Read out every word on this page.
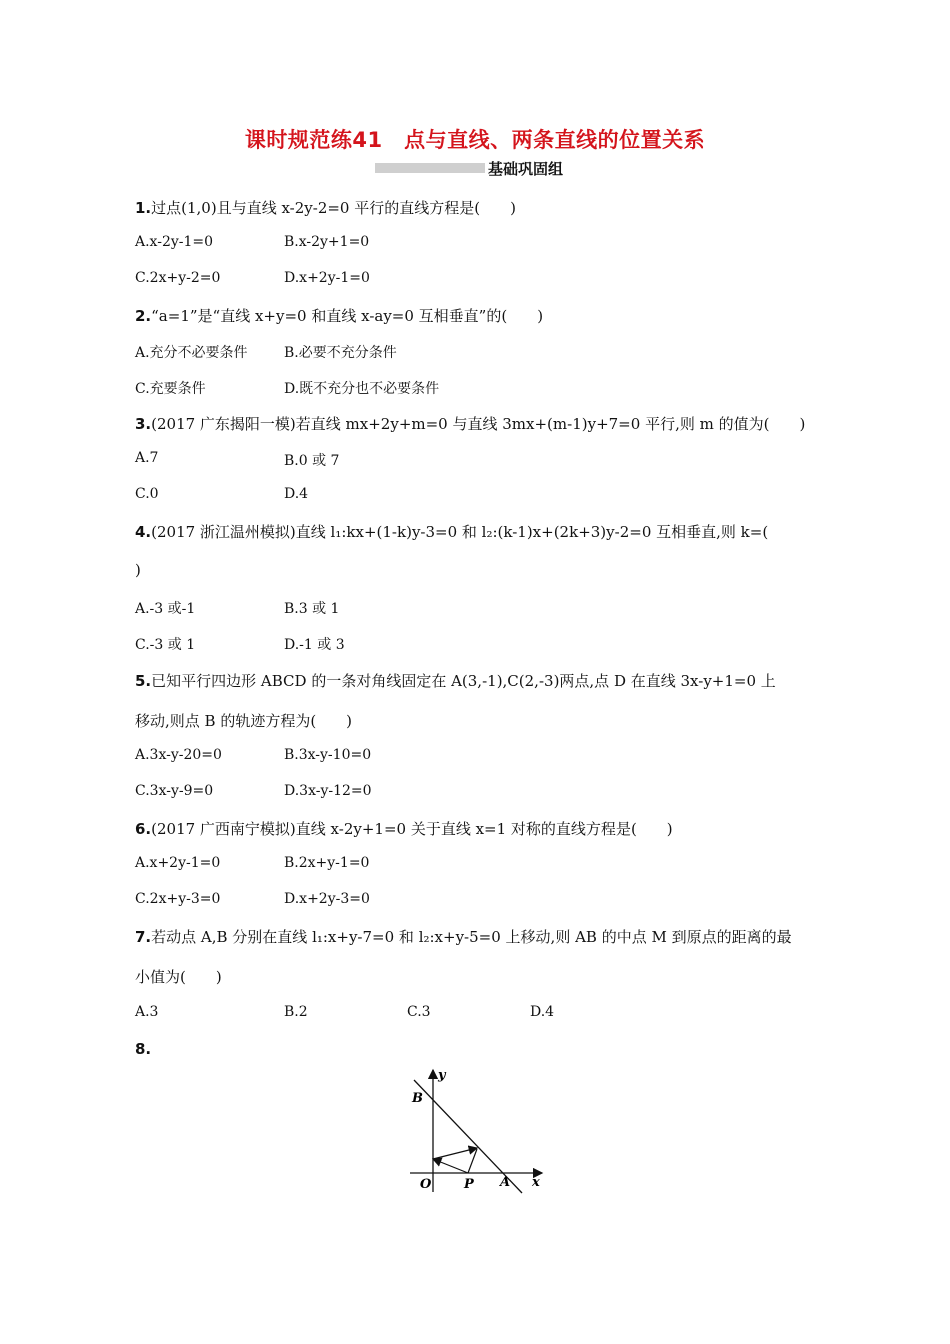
课时规范练41　点与直线、两条直线的位置关系
基础巩固组
1.过点(1,0)且与直线 x-2y-2=0 平行的直线方程是(　　)
A.x-2y-1=0	B.x-2y+1=0
C.2x+y-2=0	D.x+2y-1=0
2.“a=1”是“直线 x+y=0 和直线 x-ay=0 互相垂直”的(　　)
A.充分不必要条件	B.必要不充分条件
C.充要条件	D.既不充分也不必要条件
3.(2017 广东揭阳一模)若直线 mx+2y+m=0 与直线 3mx+(m-1)y+7=0 平行,则 m 的值为(　　)
A.7	B.0 或 7
C.0	D.4
4.(2017 浙江温州模拟)直线 l₁:kx+(1-k)y-3=0 和 l₂:(k-1)x+(2k+3)y-2=0 互相垂直,则 k=(
)
A.-3 或-1	B.3 或 1
C.-3 或 1	D.-1 或 3
5.已知平行四边形 ABCD 的一条对角线固定在 A(3,-1),C(2,-3)两点,点 D 在直线 3x-y+1=0 上
移动,则点 B 的轨迹方程为(　　)
A.3x-y-20=0	B.3x-y-10=0
C.3x-y-9=0	D.3x-y-12=0
6.(2017 广西南宁模拟)直线 x-2y+1=0 关于直线 x=1 对称的直线方程是(　　)
A.x+2y-1=0	B.2x+y-1=0
C.2x+y-3=0	D.x+2y-3=0
7.若动点 A,B 分别在直线 l₁:x+y-7=0 和 l₂:x+y-5=0 上移动,则 AB 的中点 M 到原点的距离的最
小值为(　　)
A.3	B.2	C.3	D.4
8.
y
B
O	P A x
